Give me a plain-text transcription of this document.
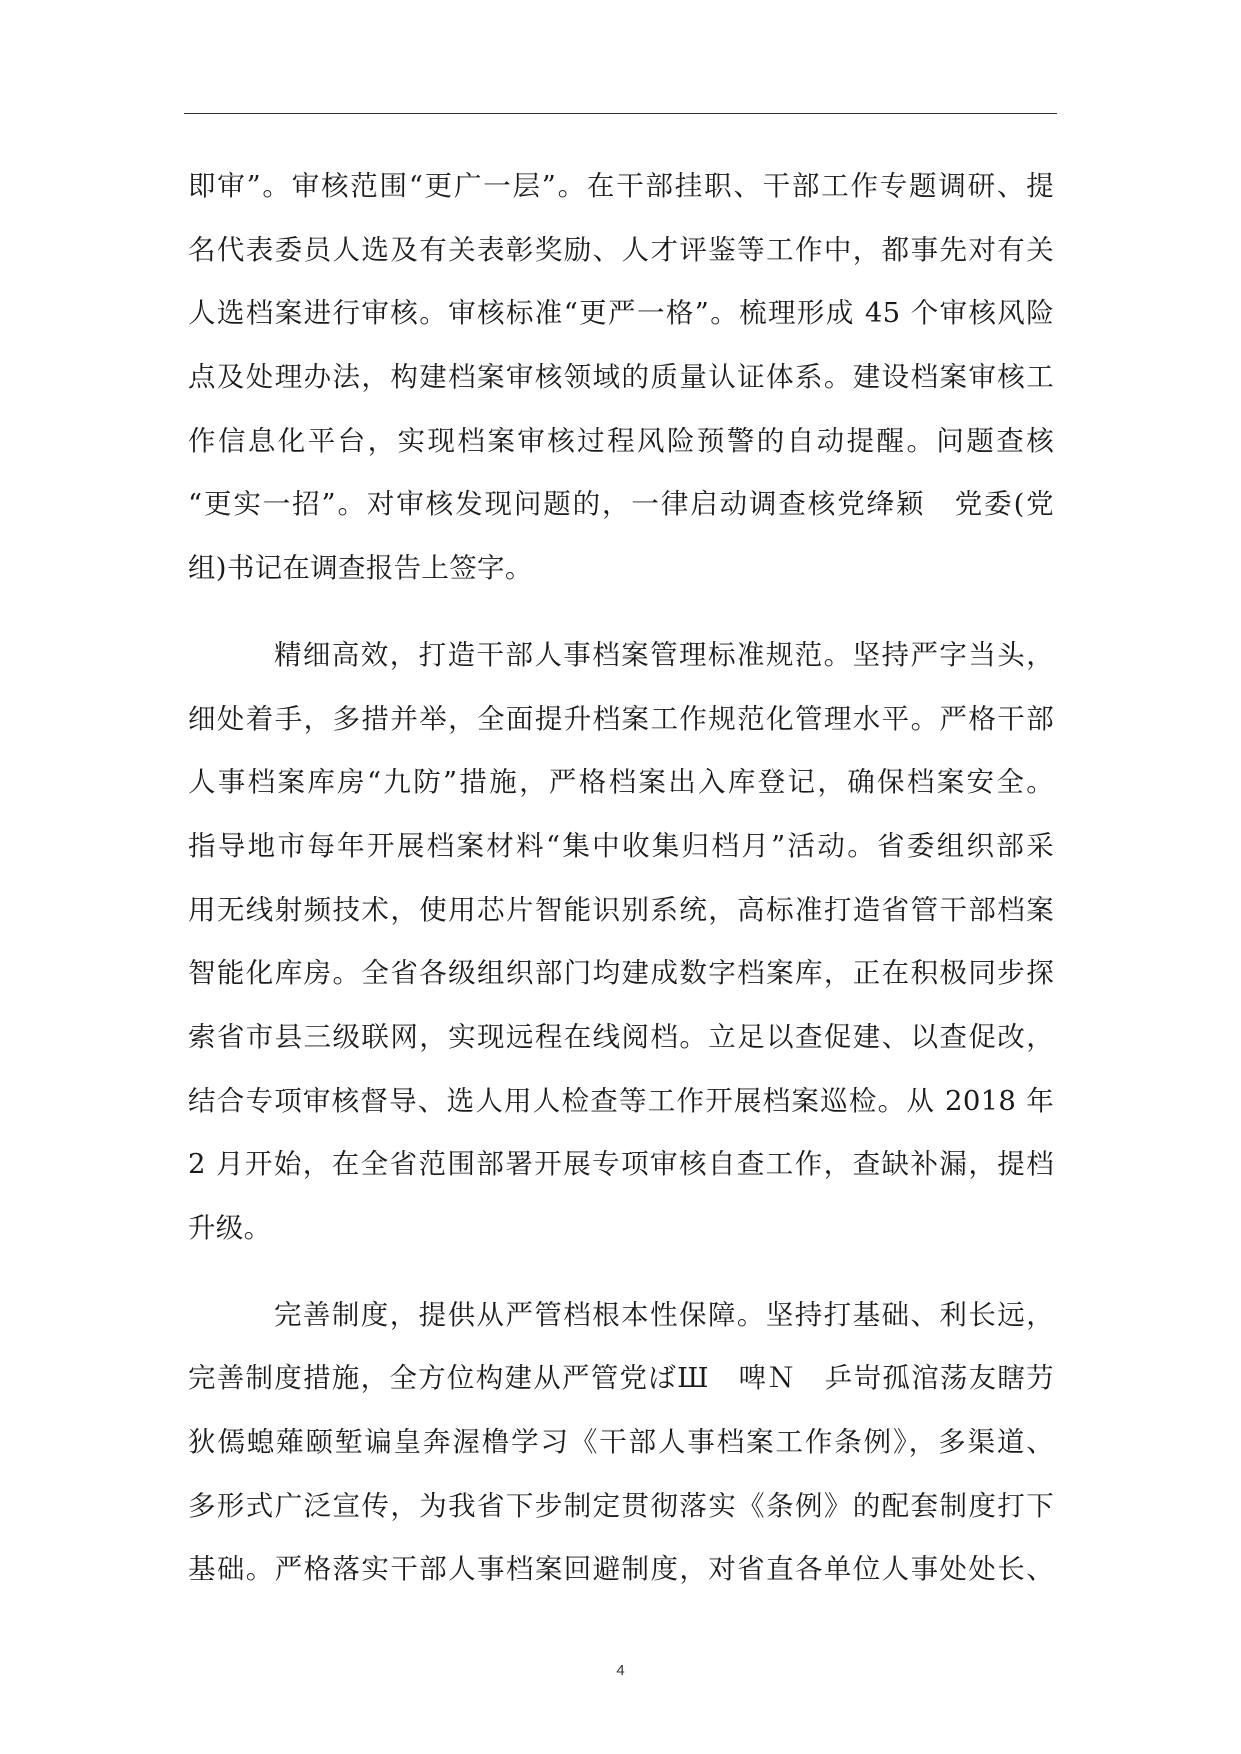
即审”。审核范围“更广一层”。在干部挂职、干部工作专题调研、提
名代表委员人选及有关表彰奖励、人才评鉴等工作中，都事先对有关
人选档案进行审核。审核标准“更严一格”。梳理形成 45 个审核风险
点及处理办法，构建档案审核领域的质量认证体系。建设档案审核工
作信息化平台，实现档案审核过程风险预警的自动提醒。问题查核
“更实一招”。对审核发现问题的，一律启动调查核党绛颖　党委(党
组)书记在调查报告上签字。
精细高效，打造干部人事档案管理标准规范。坚持严字当头，
细处着手，多措并举，全面提升档案工作规范化管理水平。严格干部
人事档案库房“九防”措施，严格档案出入库登记，确保档案安全。
指导地市每年开展档案材料“集中收集归档月”活动。省委组织部采
用无线射频技术，使用芯片智能识别系统，高标准打造省管干部档案
智能化库房。全省各级组织部门均建成数字档案库，正在积极同步探
索省市县三级联网，实现远程在线阅档。立足以查促建、以查促改，
结合专项审核督导、选人用人检查等工作开展档案巡检。从 2018 年
2 月开始，在全省范围部署开展专项审核自查工作，查缺补漏，提档
升级。
完善制度，提供从严管档根本性保障。坚持打基础、利长远，
完善制度措施，全方位构建从严管党ばШ　啤Ｎ　乒岢孤涫荡友瞎芀
狄傿螅薙颐堑谝皇奔渥橹学习《干部人事档案工作条例》，多渠道、
多形式广泛宣传，为我省下步制定贯彻落实《条例》的配套制度打下
基础。严格落实干部人事档案回避制度，对省直各单位人事处处长、
4
